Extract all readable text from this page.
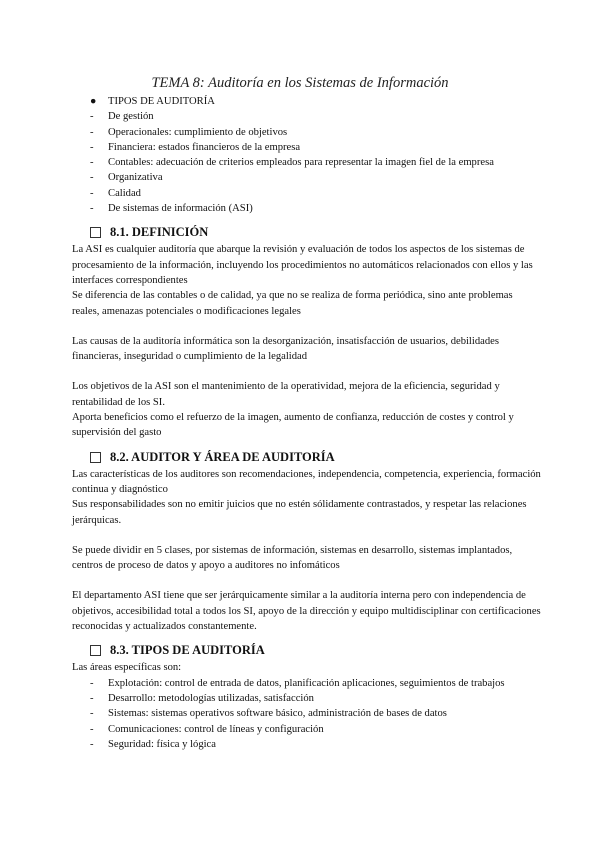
TEMA 8: Auditoría en los Sistemas de Información
●	TIPOS DE AUDITORÍA
-	De gestión
-	Operacionales: cumplimiento de objetivos
-	Financiera: estados financieros de la empresa
-	Contables: adecuación de criterios empleados para representar la imagen fiel de la empresa
-	Organizativa
-	Calidad
-	De sistemas de información (ASI)
8.1. DEFINICIÓN

La ASI es cualquier auditoría que abarque la revisión y evaluación de todos los aspectos de los sistemas de procesamiento de la información, incluyendo los procedimientos no automáticos relacionados con ellos y las interfaces correspondientes

Se diferencia de las contables o de calidad, ya que no se realiza de forma periódica, sino ante problemas reales, amenazas potenciales o modificaciones legales

Las causas de la auditoría informática son la desorganización, insatisfacción de usuarios, debilidades financieras, inseguridad o cumplimiento de la legalidad

Los objetivos de la ASI son el mantenimiento de la operatividad, mejora de la eficiencia, seguridad y rentabilidad de los SI.

Aporta beneficios como el refuerzo de la imagen, aumento de confianza, reducción de costes y control y supervisión del gasto

8.2. AUDITOR Y ÁREA DE AUDITORÍA

Las características de los auditores son recomendaciones, independencia, competencia, experiencia, formación continua y diagnóstico

Sus responsabilidades son no emitir juicios que no estén sólidamente contrastados, y respetar las relaciones jerárquicas.

Se puede dividir en 5 clases, por sistemas de información, sistemas en desarrollo, sistemas implantados, centros de proceso de datos y apoyo a auditores no infomáticos

El departamento ASI tiene que ser jerárquicamente similar a la auditoría interna pero con independencia de objetivos, accesibilidad total a todos los SI, apoyo de la dirección y equipo multidisciplinar con certificaciones reconocidas y actualizados constantemente.

8.3. TIPOS DE AUDITORÍA

Las áreas específicas son:

-	Explotación: control de entrada de datos, planificación aplicaciones, seguimientos de trabajos
-	Desarrollo: metodologías utilizadas, satisfacción
-	Sistemas: sistemas operativos software básico, administración de bases de datos
-	Comunicaciones: control de líneas y configuración
-	Seguridad: física y lógica
